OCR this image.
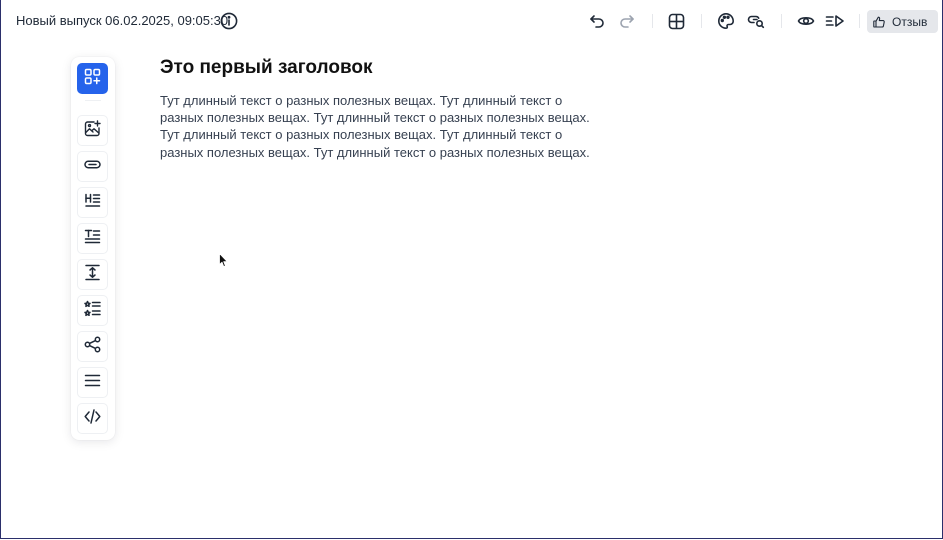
Новый выпуск 06.02.2025, 09:05:30	Отзыв
Это первый заголовок

Тут длинный текст о разных полезных вещах. Тут длинный текст о разных полезных вещах. Тут длинный текст о разных полезных вещах. Тут длинный текст о разных полезных вещах. Тут длинный текст о разных полезных вещах. Тут длинный текст о разных полезных вещах.
